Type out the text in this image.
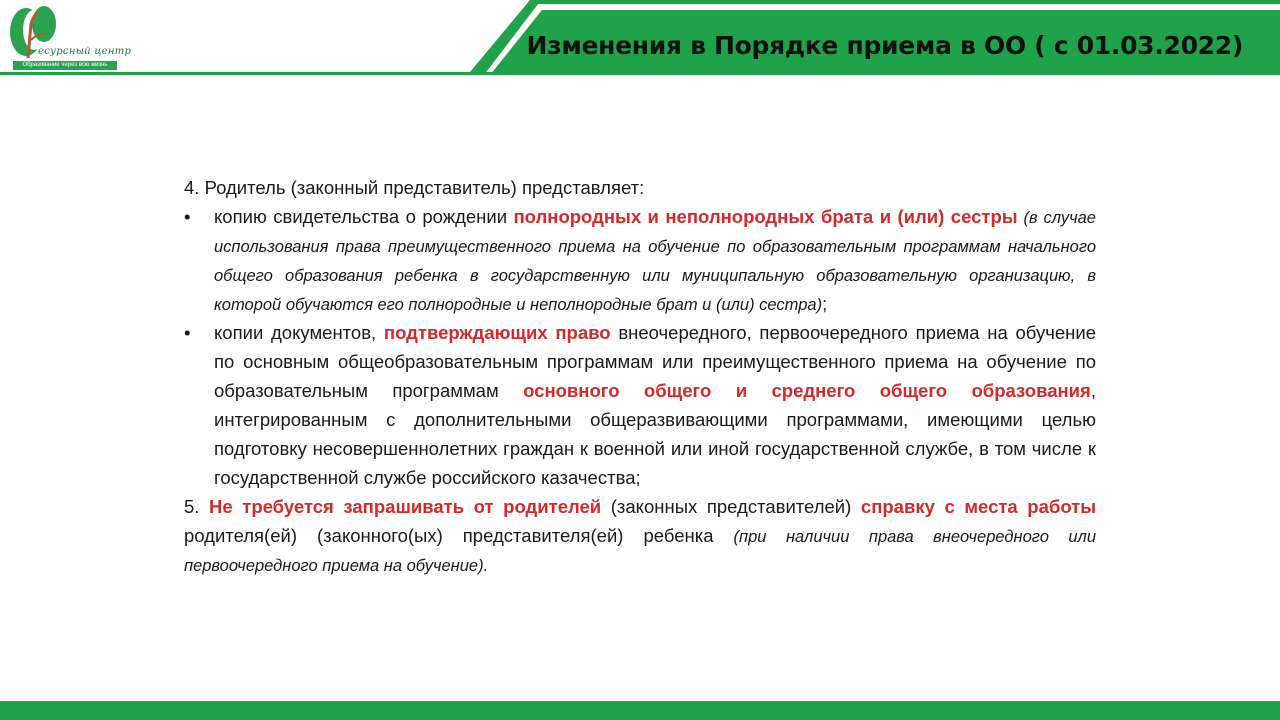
Изменения в Порядке приема в ОО ( с 01.03.2022)
есурсный центр
Образование через всю жизнь

4. Родитель (законный представитель) представляет:

•	копию свидетельства о рождении полнородных и неполнородных брата и (или) сестры (в случае использования права преимущественного приема на обучение по образовательным программам начального общего образования ребенка в государственную или муниципальную образовательную организацию, в которой обучаются его полнородные и неполнородные брат и (или) сестра);
•	копии документов, подтверждающих право внеочередного, первоочередного приема на обучение по основным общеобразовательным программам или преимущественного приема на обучение по образовательным программам основного общего и среднего общего образования, интегрированным с дополнительными общеразвивающими программами, имеющими целью подготовку несовершеннолетних граждан к военной или иной государственной службе, в том числе к государственной службе российского казачества;

5. Не требуется запрашивать от родителей (законных представителей) справку с места работы родителя(ей) (законного(ых) представителя(ей) ребенка (при наличии права внеочередного или первоочередного приема на обучение).
